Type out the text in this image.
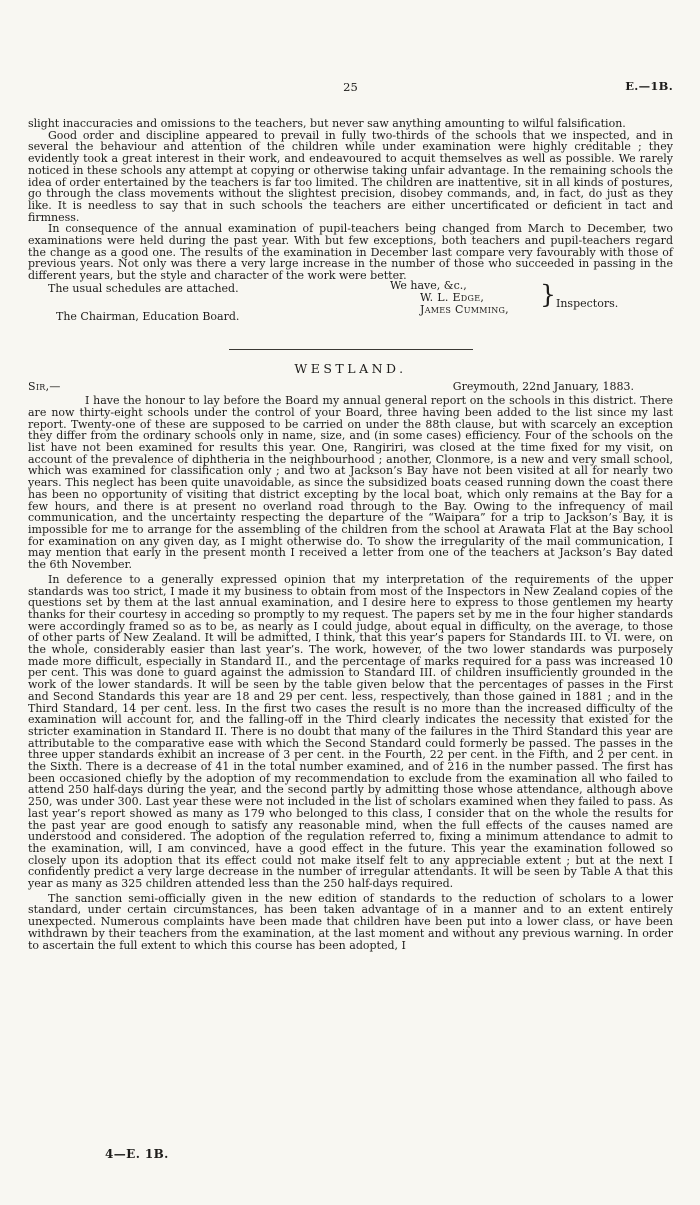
25	E.—1B.

slight inaccuracies and omissions to the teachers, but never saw anything amounting to wilful falsification.

Good order and discipline appeared to prevail in fully two-thirds of the schools that we inspected, and in several the behaviour and attention of the children while under examination were highly creditable ; they evidently took a great interest in their work, and endeavoured to acquit themselves as well as possible. We rarely noticed in these schools any attempt at copying or otherwise taking unfair advantage. In the remaining schools the idea of order entertained by the teachers is far too limited. The children are inattentive, sit in all kinds of postures, go through the class movements without the slightest precision, disobey commands, and, in fact, do just as they like. It is needless to say that in such schools the teachers are either uncertificated or deficient in tact and firmness.

In consequence of the annual examination of pupil-teachers being changed from March to December, two examinations were held during the past year. With but few exceptions, both teachers and pupil-teachers regard the change as a good one. The results of the examination in December last compare very favourably with those of previous years. Not only was there a very large increase in the number of those who succeeded in passing in the different years, but the style and character of the work were better.

The usual schedules are attached.	We have, &c.,
W. L. Edge,
James Cumming,
} Inspectors.
The Chairman, Education Board.
WESTLAND.
Sir,—	Greymouth, 22nd January, 1883.

I have the honour to lay before the Board my annual general report on the schools in this district. There are now thirty-eight schools under the control of your Board, three having been added to the list since my last report. Twenty-one of these are supposed to be carried on under the 88th clause, but with scarcely an exception they differ from the ordinary schools only in name, size, and (in some cases) efficiency. Four of the schools on the list have not been examined for results this year. One, Rangiriri, was closed at the time fixed for my visit, on account of the prevalence of diphtheria in the neighbourhood ; another, Clonmore, is a new and very small school, which was examined for classification only ; and two at Jackson’s Bay have not been visited at all for nearly two years. This neglect has been quite unavoidable, as since the subsidized boats ceased running down the coast there has been no opportunity of visiting that district excepting by the local boat, which only remains at the Bay for a few hours, and there is at present no overland road through to the Bay. Owing to the infrequency of mail communication, and the uncertainty respecting the departure of the “Waipara” for a trip to Jackson’s Bay, it is impossible for me to arrange for the assembling of the children from the school at Arawata Flat at the Bay school for examination on any given day, as I might otherwise do. To show the irregularity of the mail communication, I may mention that early in the present month I received a letter from one of the teachers at Jackson’s Bay dated the 6th November.

In deference to a generally expressed opinion that my interpretation of the requirements of the upper standards was too strict, I made it my business to obtain from most of the Inspectors in New Zealand copies of the questions set by them at the last annual examination, and I desire here to express to those gentlemen my hearty thanks for their courtesy in acceding so promptly to my request. The papers set by me in the four higher standards were accordingly framed so as to be, as nearly as I could judge, about equal in difficulty, on the average, to those of other parts of New Zealand. It will be admitted, I think, that this year’s papers for Standards III. to VI. were, on the whole, considerably easier than last year’s. The work, however, of the two lower standards was purposely made more difficult, especially in Standard II., and the percentage of marks required for a pass was increased 10 per cent. This was done to guard against the admission to Standard III. of children insufficiently grounded in the work of the lower standards. It will be seen by the table given below that the percentages of passes in the First and Second Standards this year are 18 and 29 per cent. less, respectively, than those gained in 1881 ; and in the Third Standard, 14 per cent. less. In the first two cases the result is no more than the increased difficulty of the examination will account for, and the falling-off in the Third clearly indicates the necessity that existed for the stricter examination in Standard II. There is no doubt that many of the failures in the Third Standard this year are attributable to the comparative ease with which the Second Standard could formerly be passed. The passes in the three upper standards exhibit an increase of 3 per cent. in the Fourth, 22 per cent. in the Fifth, and 2 per cent. in the Sixth. There is a decrease of 41 in the total number examined, and of 216 in the number passed. The first has been occasioned chiefly by the adoption of my recommendation to exclude from the examination all who failed to attend 250 half-days during the year, and the second partly by admitting those whose attendance, although above 250, was under 300. Last year these were not included in the list of scholars examined when they failed to pass. As last year’s report showed as many as 179 who belonged to this class, I consider that on the whole the results for the past year are good enough to satisfy any reasonable mind, when the full effects of the causes named are understood and considered. The adoption of the regulation referred to, fixing a minimum attendance to admit to the examination, will, I am convinced, have a good effect in the future. This year the examination followed so closely upon its adoption that its effect could not make itself felt to any appreciable extent ; but at the next I confidently predict a very large decrease in the number of irregular attendants. It will be seen by Table A that this year as many as 325 children attended less than the 250 half-days required.

The sanction semi-officially given in the new edition of standards to the reduction of scholars to a lower standard, under certain circumstances, has been taken advantage of in a manner and to an extent entirely unexpected. Numerous complaints have been made that children have been put into a lower class, or have been withdrawn by their teachers from the examination, at the last moment and without any previous warning. In order to ascertain the full extent to which this course has been adopted, I

4—E. 1B.
